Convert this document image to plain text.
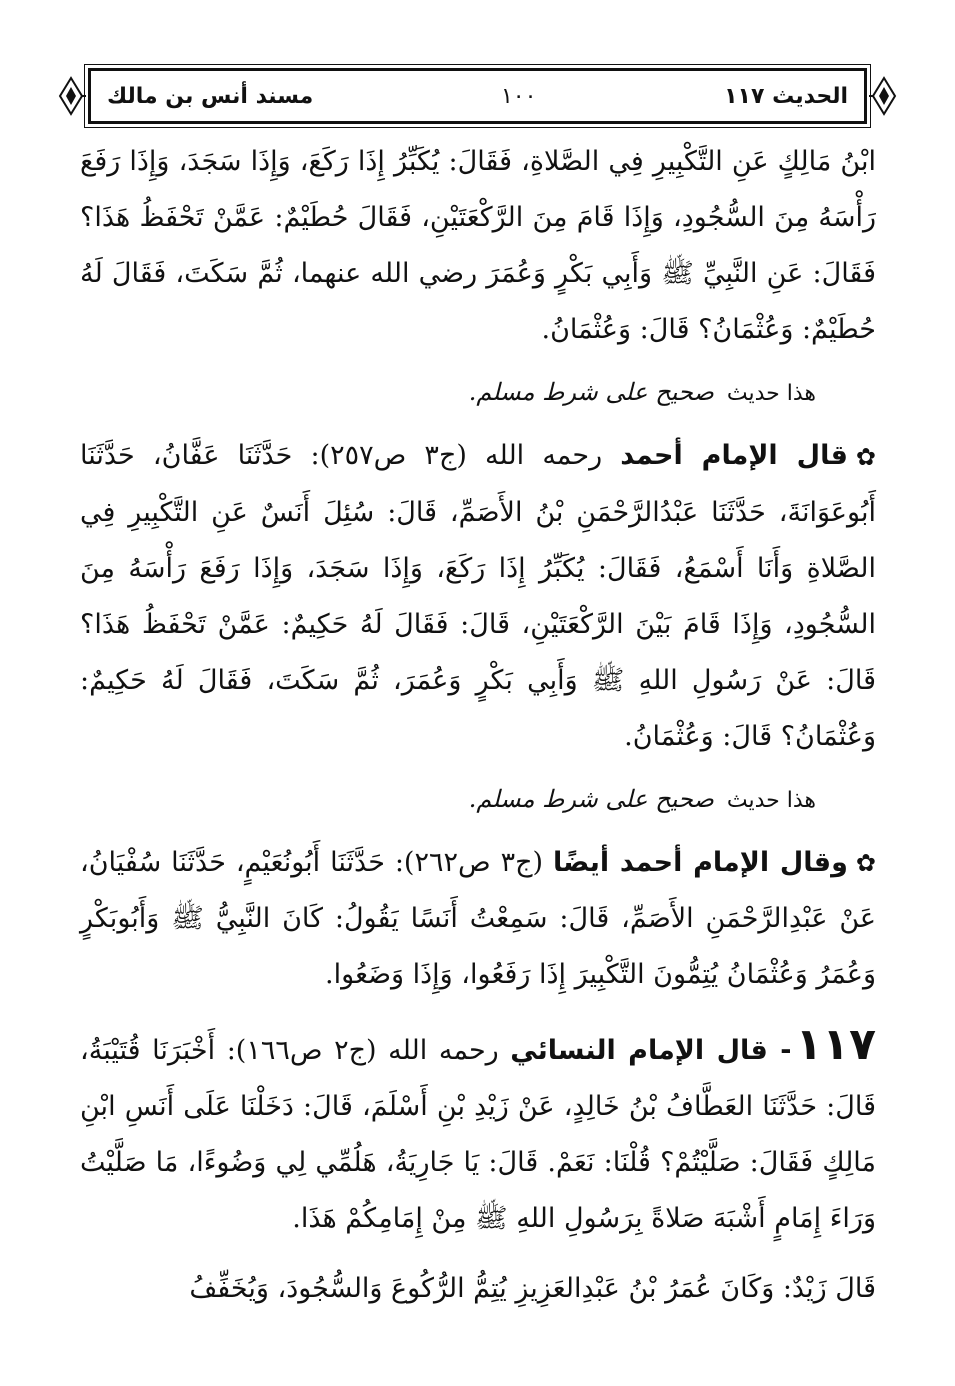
الحديث ١١٧
١٠٠
مسند أنس بن مالك

ابْنُ مَالِكٍ عَنِ التَّكْبِيرِ فِي الصَّلاةِ، فَقَالَ: يُكَبِّرُ إِذَا رَكَعَ، وَإِذَا سَجَدَ، وَإِذَا رَفَعَ رَأْسَهُ مِنَ السُّجُودِ، وَإِذَا قَامَ مِنَ الرَّكْعَتَيْنِ، فَقَالَ حُطَيْمٌ: عَمَّنْ تَحْفَظُ هَذَا؟ فَقَالَ: عَنِ النَّبِيِّ ﷺ وَأَبِي بَكْرٍ وَعُمَرَ رضي الله عنهما، ثُمَّ سَكَتَ، فَقَالَ لَهُ حُطَيْمٌ: وَعُثْمَانُ؟ قَالَ: وَعُثْمَانُ.

هذا حديث صحيح على شرط مسلم.

✿قال الإمام أحمد رحمه الله (ج٣ ص٢٥٧): حَدَّثَنَا عَفَّانُ، حَدَّثَنَا أَبُوعَوَانَةَ، حَدَّثَنَا عَبْدُالرَّحْمَنِ بْنُ الأَصَمِّ، قَالَ: سُئِلَ أَنَسٌ عَنِ التَّكْبِيرِ فِي الصَّلاةِ وَأَنَا أَسْمَعُ، فَقَالَ: يُكَبِّرُ إِذَا رَكَعَ، وَإِذَا سَجَدَ، وَإِذَا رَفَعَ رَأْسَهُ مِنَ السُّجُودِ، وَإِذَا قَامَ بَيْنَ الرَّكْعَتَيْنِ، قَالَ: فَقَالَ لَهُ حَكِيمٌ: عَمَّنْ تَحْفَظُ هَذَا؟ قَالَ: عَنْ رَسُولِ اللهِ ﷺ وَأَبِي بَكْرٍ وَعُمَرَ، ثُمَّ سَكَتَ، فَقَالَ لَهُ حَكِيمٌ: وَعُثْمَانُ؟ قَالَ: وَعُثْمَانُ.

هذا حديث صحيح على شرط مسلم.

✿وقال الإمام أحمد أيضًا (ج٣ ص٢٦٢): حَدَّثَنَا أَبُونُعَيْمٍ، حَدَّثَنَا سُفْيَانُ، عَنْ عَبْدِالرَّحْمَنِ الأَصَمِّ، قَالَ: سَمِعْتُ أَنَسًا يَقُولُ: كَانَ النَّبِيُّ ﷺ وَأَبُوبَكْرٍ وَعُمَرُ وَعُثْمَانُ يُتِمُّونَ التَّكْبِيرَ إِذَا رَفَعُوا، وَإِذَا وَضَعُوا.

١١٧- قال الإمام النسائي رحمه الله (ج٢ ص١٦٦): أَخْبَرَنَا قُتَيْبَةُ، قَالَ: حَدَّثَنَا العَطَّافُ بْنُ خَالِدٍ، عَنْ زَيْدِ بْنِ أَسْلَمَ، قَالَ: دَخَلْنَا عَلَى أَنَسِ ابْنِ مَالِكٍ فَقَالَ: صَلَّيْتُمْ؟ قُلْنَا: نَعَمْ. قَالَ: يَا جَارِيَةُ، هَلُمِّي لِي وَضُوءًا، مَا صَلَّيْتُ وَرَاءَ إِمَامٍ أَشْبَهَ صَلاةً بِرَسُولِ اللهِ ﷺ مِنْ إِمَامِكُمْ هَذَا.

قَالَ زَيْدٌ: وَكَانَ عُمَرُ بْنُ عَبْدِالعَزِيزِ يُتِمُّ الرُّكُوعَ وَالسُّجُودَ، وَيُخَفِّفُ
